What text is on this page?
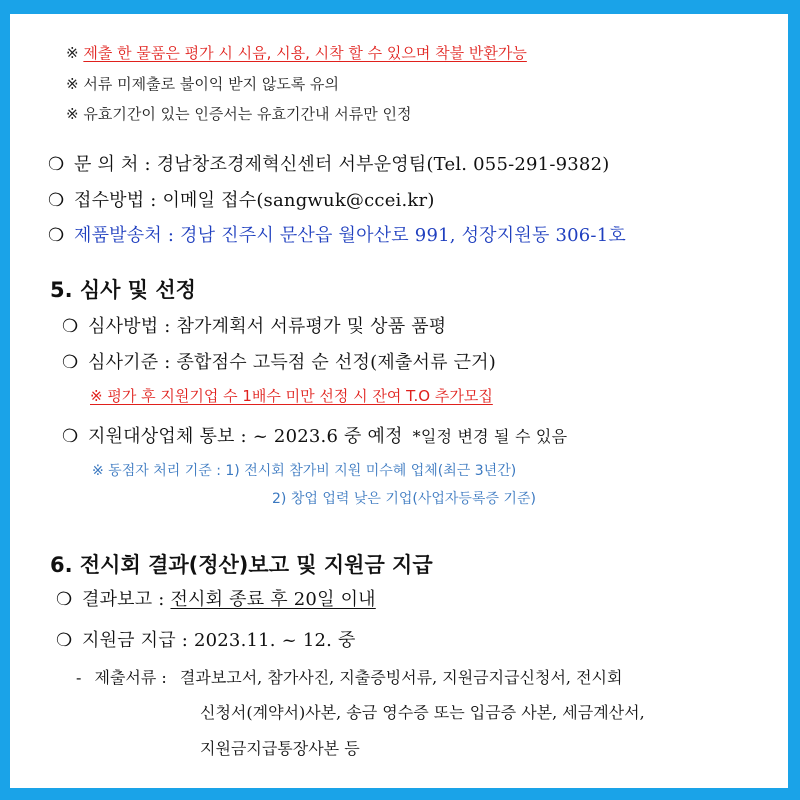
※ 제출 한 물품은 평가 시 시음, 시용, 시착 할 수 있으며 착불 반환가능
※ 서류 미제출로 불이익 받지 않도록 유의
※ 유효기간이 있는 인증서는 유효기간내 서류만 인정
❍ 문 의 처 : 경남창조경제혁신센터 서부운영팀(Tel. 055-291-9382)
❍ 접수방법 : 이메일 접수(sangwuk@ccei.kr)
❍ 제품발송처 : 경남 진주시 문산읍 월아산로 991, 성장지원동 306-1호
5. 심사 및 선정
❍ 심사방법 : 참가계획서 서류평가 및 상품 품평
❍ 심사기준 : 종합점수 고득점 순 선정(제출서류 근거)
※ 평가 후 지원기업 수 1배수 미만 선정 시 잔여 T.O 추가모집
❍ 지원대상업체 통보 : ~ 2023.6 중 예정 *일정 변경 될 수 있음
※ 동점자 처리 기준 : 1) 전시회 참가비 지원 미수혜 업체(최근 3년간)
2) 창업 업력 낮은 기업(사업자등록증 기준)
6. 전시회 결과(정산)보고 및 지원금 지급
❍ 결과보고 : 전시회 종료 후 20일 이내
❍ 지원금 지급 : 2023.11. ~ 12. 중
- 제출서류 : 결과보고서, 참가사진, 지출증빙서류, 지원금지급신청서, 전시회
신청서(계약서)사본, 송금 영수증 또는 입금증 사본, 세금계산서,
지원금지급통장사본 등
